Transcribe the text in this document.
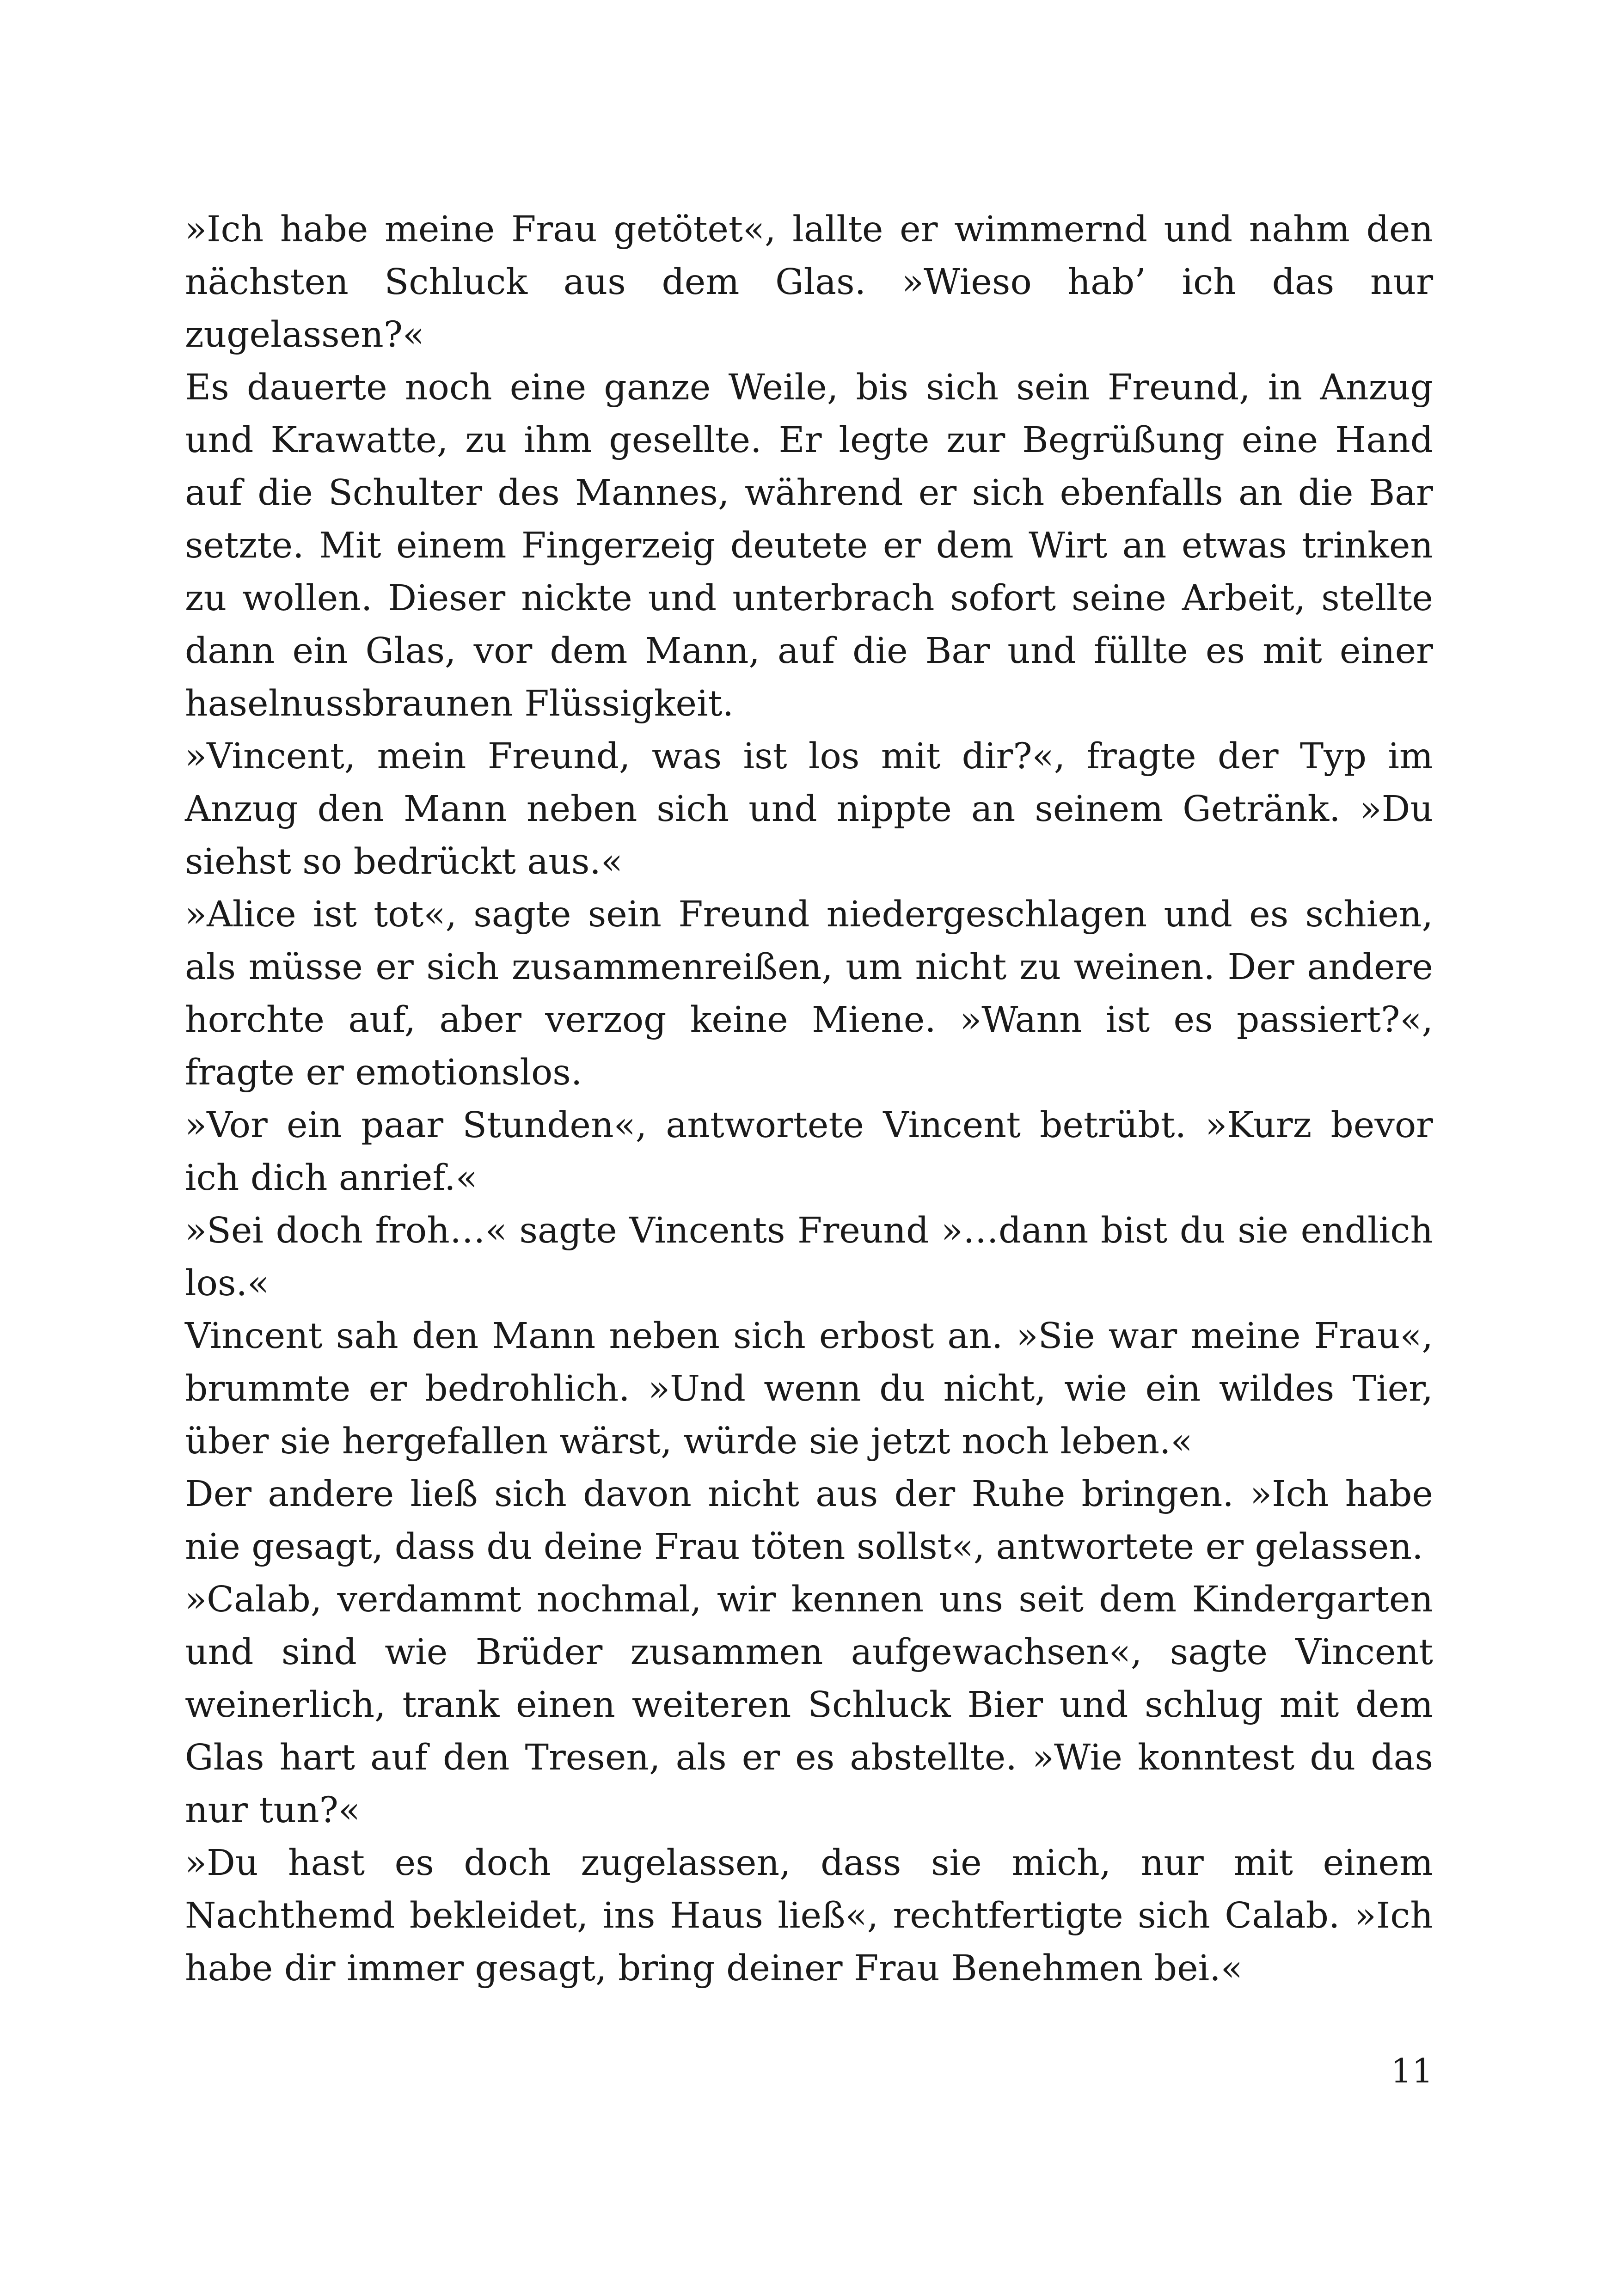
»Ich habe meine Frau getötet«, lallte er wimmernd und nahm den nächsten Schluck aus dem Glas. »Wieso hab’ ich das nur zugelassen?«

Es dauerte noch eine ganze Weile, bis sich sein Freund, in Anzug und Krawatte, zu ihm gesellte. Er legte zur Begrüßung eine Hand auf die Schulter des Mannes, während er sich ebenfalls an die Bar setzte. Mit einem Fingerzeig deutete er dem Wirt an etwas trinken zu wollen. Dieser nickte und unterbrach sofort seine Arbeit, stellte dann ein Glas, vor dem Mann, auf die Bar und füllte es mit einer haselnussbraunen Flüssigkeit.

»Vincent, mein Freund, was ist los mit dir?«, fragte der Typ im Anzug den Mann neben sich und nippte an seinem Getränk. »Du siehst so bedrückt aus.«

»Alice ist tot«, sagte sein Freund niedergeschlagen und es schien, als müsse er sich zusammenreißen, um nicht zu weinen. Der andere horchte auf, aber verzog keine Miene. »Wann ist es passiert?«, fragte er emotionslos.

»Vor ein paar Stunden«, antwortete Vincent betrübt. »Kurz bevor ich dich anrief.«

»Sei doch froh…« sagte Vincents Freund »…dann bist du sie endlich los.«

Vincent sah den Mann neben sich erbost an. »Sie war meine Frau«, brummte er bedrohlich. »Und wenn du nicht, wie ein wildes Tier, über sie hergefallen wärst, würde sie jetzt noch leben.«

Der andere ließ sich davon nicht aus der Ruhe bringen. »Ich habe nie gesagt, dass du deine Frau töten sollst«, antwortete er gelassen.

»Calab, verdammt nochmal, wir kennen uns seit dem Kindergarten und sind wie Brüder zusammen aufgewachsen«, sagte Vincent weinerlich, trank einen weiteren Schluck Bier und schlug mit dem Glas hart auf den Tresen, als er es abstellte. »Wie konntest du das nur tun?«

»Du hast es doch zugelassen, dass sie mich, nur mit einem Nachthemd bekleidet, ins Haus ließ«, rechtfertigte sich Calab. »Ich habe dir immer gesagt, bring deiner Frau Benehmen bei.«

11
